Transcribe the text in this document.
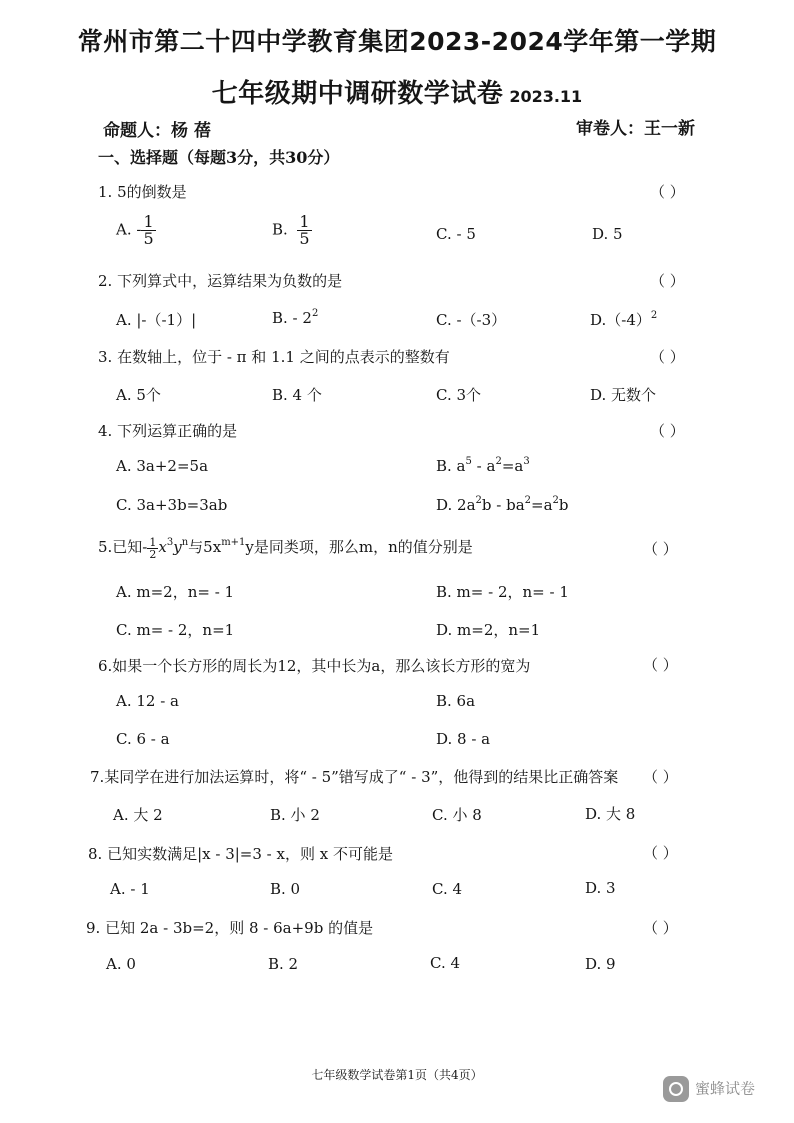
常州市第二十四中学教育集团2023-2024学年第一学期
七年级期中调研数学试卷 2023.11
命题人：杨 蓓	审卷人：王一新
一、选择题（每题3分，共30分）
1. 5的倒数是	（ ）
A. - $\frac{1}{5}$	B. $\frac{1}{5}$	C. - 5	D. 5
2. 下列算式中，运算结果为负数的是	（ ）
A. |-（-1）|	B. - $2^2$	C. -（-3）	$D.(-4)^2$
3. 在数轴上，位于 - π 和 1.1 之间的点表示的整数有	（ ）
A. 5个	B. 4 个	C. 3个	D. 无数个
4. 下列运算正确的是	（ ）
A. 3a+2=5a	B. $a^5 - a^2=a^3$
C. 3a+3b=3ab	D. $2a^2b - ba^2=a^2b$
5.已知- $\frac{1}{2} x^3y^n$与$5x^{m+1}y$是同类项，那么m，n的值分别是	（ ）
A. m=2，n= - 1	B. m= - 2，n= - 1
C. m= - 2，n=1	D. m=2，n=1
6.如果一个长方形的周长为12，其中长为a，那么该长方形的宽为	（ ）
A. 12 - a	B. 6a
C. 6 - a	D. 8 - a
7.某同学在进行加法运算时，将“ - 5”错写成了“ - 3”，他得到的结果比正确答案 （ ）
A. 大 2	B. 小 2	C. 小 8	D. 大 8
8. 已知实数满足|x - 3|=3 - x，则 x 不可能是	（ ）
A. - 1	B. 0	C. 4	D. 3
9. 已知 2a - 3b=2，则 8 - 6a+9b 的值是	（ ）
A. 0	B. 2	C. 4	D. 9
七年级数学试卷第1页（共4页）
蜜蜂试卷
